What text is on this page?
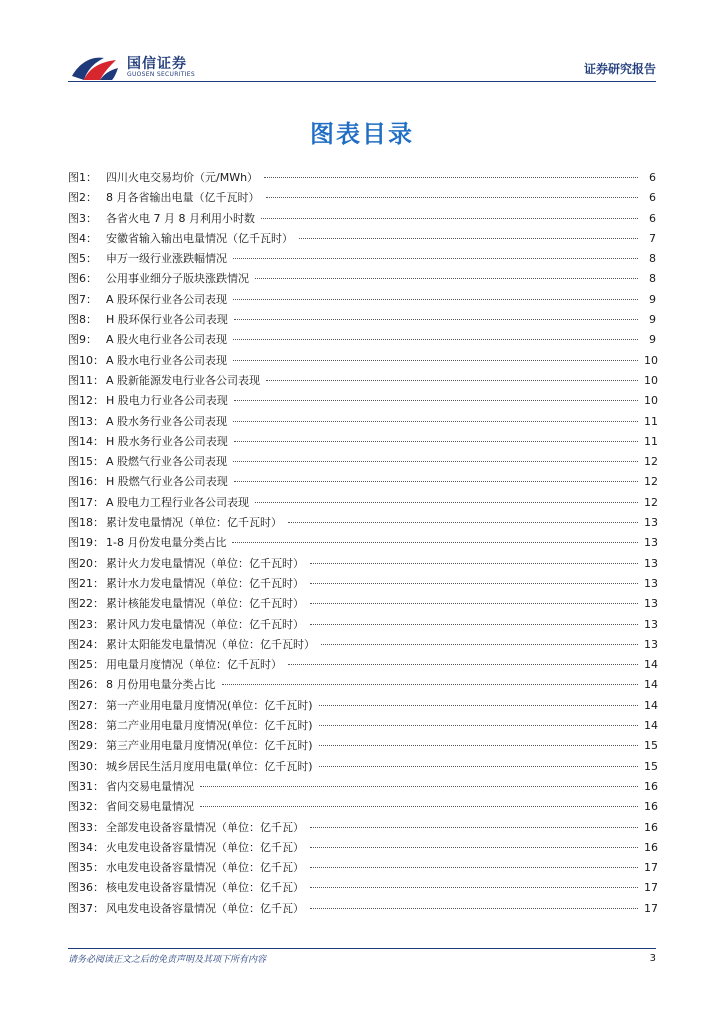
国信证券
GUOSEN SECURITIES	证券研究报告
图表目录
图1： 四川火电交易均价（元/MWh）	6
图2： 8 月各省输出电量（亿千瓦时）	6
图3： 各省火电 7 月 8 月利用小时数	6
图4： 安徽省输入输出电量情况（亿千瓦时）	7
图5： 申万一级行业涨跌幅情况	8
图6： 公用事业细分子版块涨跌情况	8
图7： A 股环保行业各公司表现	9
图8： H 股环保行业各公司表现	9
图9： A 股火电行业各公司表现	9
图10： A 股水电行业各公司表现	10
图11： A 股新能源发电行业各公司表现	10
图12： H 股电力行业各公司表现	10
图13： A 股水务行业各公司表现	11
图14： H 股水务行业各公司表现	11
图15： A 股燃气行业各公司表现	12
图16： H 股燃气行业各公司表现	12
图17： A 股电力工程行业各公司表现	12
图18： 累计发电量情况（单位：亿千瓦时）	13
图19： 1-8 月份发电量分类占比	13
图20： 累计火力发电量情况（单位：亿千瓦时）	13
图21： 累计水力发电量情况（单位：亿千瓦时）	13
图22： 累计核能发电量情况（单位：亿千瓦时）	13
图23： 累计风力发电量情况（单位：亿千瓦时）	13
图24： 累计太阳能发电量情况（单位：亿千瓦时）	13
图25： 用电量月度情况（单位：亿千瓦时）	14
图26： 8 月份用电量分类占比	14
图27： 第一产业用电量月度情况(单位：亿千瓦时)	14
图28： 第二产业用电量月度情况(单位：亿千瓦时)	14
图29： 第三产业用电量月度情况(单位：亿千瓦时)	15
图30： 城乡居民生活月度用电量(单位：亿千瓦时)	15
图31： 省内交易电量情况	16
图32： 省间交易电量情况	16
图33： 全部发电设备容量情况（单位：亿千瓦）	16
图34： 火电发电设备容量情况（单位：亿千瓦）	16
图35： 水电发电设备容量情况（单位：亿千瓦）	17
图36： 核电发电设备容量情况（单位：亿千瓦）	17
图37： 风电发电设备容量情况（单位：亿千瓦）	17
请务必阅读正文之后的免责声明及其项下所有内容	3
